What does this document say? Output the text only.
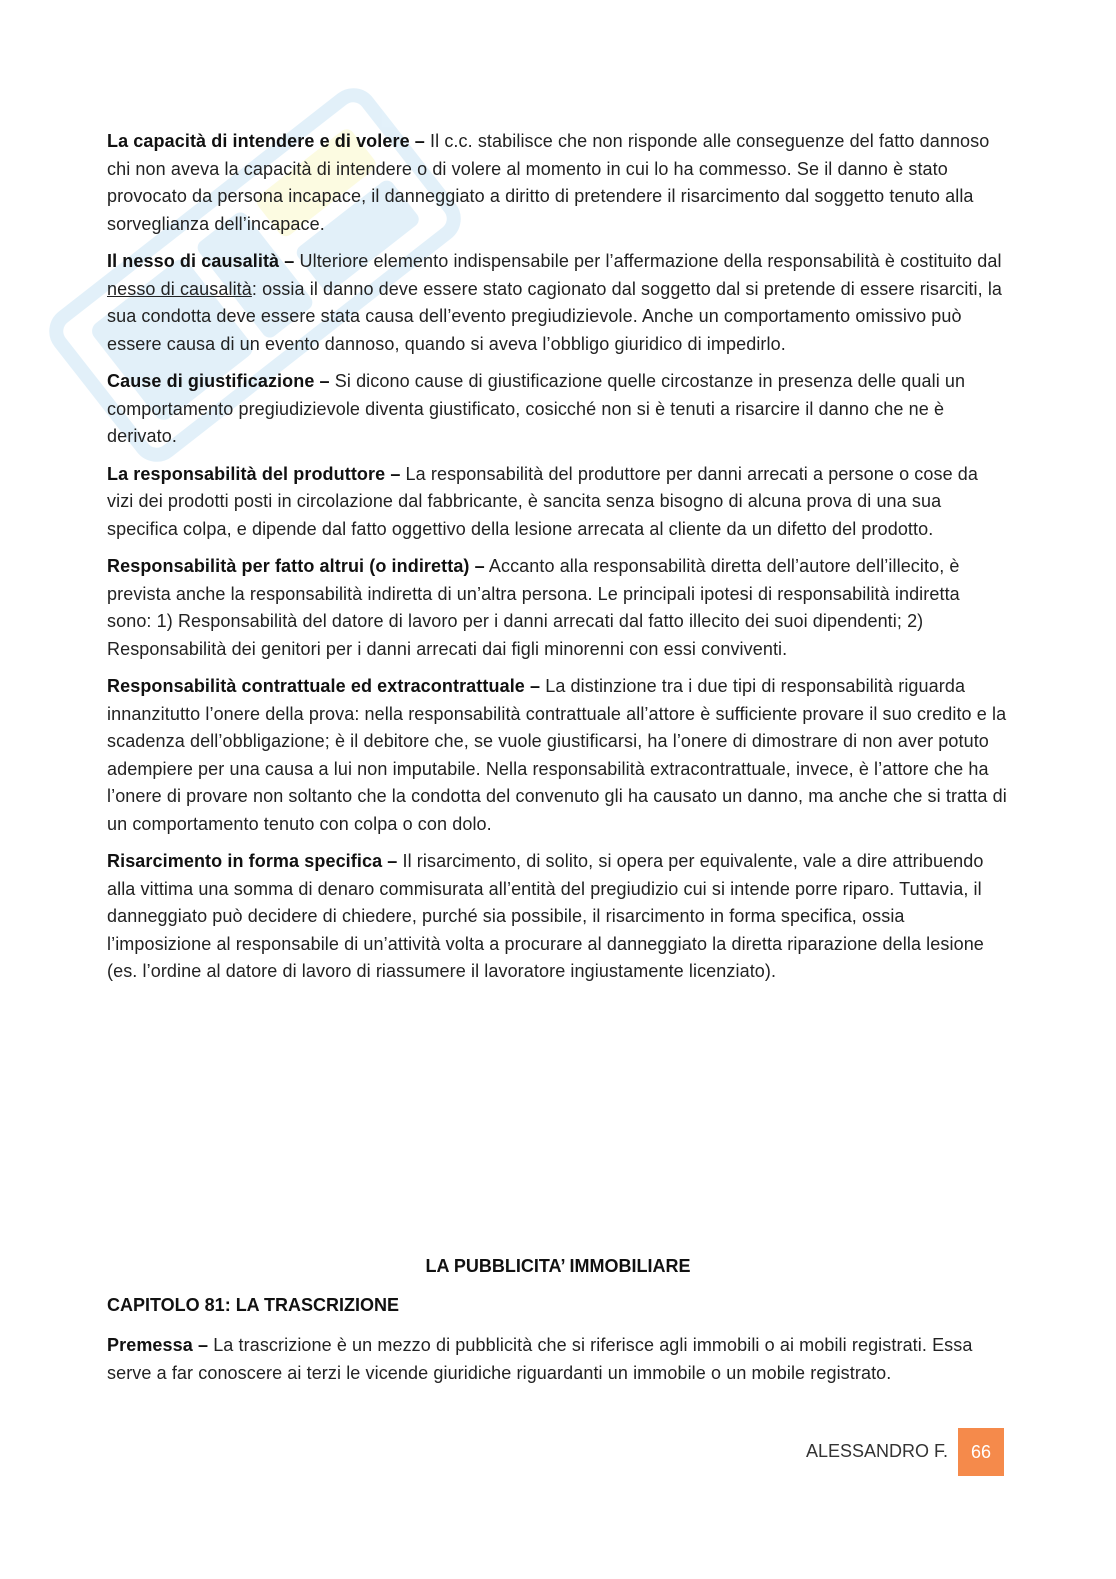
La capacità di intendere e di volere – Il c.c. stabilisce che non risponde alle conseguenze del fatto dannoso chi non aveva la capacità di intendere o di volere al momento in cui lo ha commesso. Se il danno è stato provocato da persona incapace, il danneggiato a diritto di pretendere il risarcimento dal soggetto tenuto alla sorveglianza dell’incapace.

Il nesso di causalità – Ulteriore elemento indispensabile per l’affermazione della responsabilità è costituito dal nesso di causalità: ossia il danno deve essere stato cagionato dal soggetto dal si pretende di essere risarciti, la sua condotta deve essere stata causa dell’evento pregiudizievole. Anche un comportamento omissivo può essere causa di un evento dannoso, quando si aveva l’obbligo giuridico di impedirlo.

Cause di giustificazione – Si dicono cause di giustificazione quelle circostanze in presenza delle quali un comportamento pregiudizievole diventa giustificato, cosicché non si è tenuti a risarcire il danno che ne è derivato.

La responsabilità del produttore – La responsabilità del produttore per danni arrecati a persone o cose da vizi dei prodotti posti in circolazione dal fabbricante, è sancita senza bisogno di alcuna prova di una sua specifica colpa, e dipende dal fatto oggettivo della lesione arrecata al cliente da un difetto del prodotto.

Responsabilità per fatto altrui (o indiretta) – Accanto alla responsabilità diretta dell’autore dell’illecito, è prevista anche la responsabilità indiretta di un’altra persona. Le principali ipotesi di responsabilità indiretta sono: 1) Responsabilità del datore di lavoro per i danni arrecati dal fatto illecito dei suoi dipendenti; 2) Responsabilità dei genitori per i danni arrecati dai figli minorenni con essi conviventi.

Responsabilità contrattuale ed extracontrattuale – La distinzione tra i due tipi di responsabilità riguarda innanzitutto l’onere della prova: nella responsabilità contrattuale all’attore è sufficiente provare il suo credito e la scadenza dell’obbligazione; è il debitore che, se vuole giustificarsi, ha l’onere di dimostrare di non aver potuto adempiere per una causa a lui non imputabile. Nella responsabilità extracontrattuale, invece, è l’attore che ha l’onere di provare non soltanto che la condotta del convenuto gli ha causato un danno, ma anche che si tratta di un comportamento tenuto con colpa o con dolo.

Risarcimento in forma specifica – Il risarcimento, di solito, si opera per equivalente, vale a dire attribuendo alla vittima una somma di denaro commisurata all’entità del pregiudizio cui si intende porre riparo. Tuttavia, il danneggiato può decidere di chiedere, purché sia possibile, il risarcimento in forma specifica, ossia l’imposizione al responsabile di un’attività volta a procurare al danneggiato la diretta riparazione della lesione (es. l’ordine al datore di lavoro di riassumere il lavoratore ingiustamente licenziato).

LA PUBBLICITA’ IMMOBILIARE
CAPITOLO 81: LA TRASCRIZIONE

Premessa – La trascrizione è un mezzo di pubblicità che si riferisce agli immobili o ai mobili registrati. Essa serve a far conoscere ai terzi le vicende giuridiche riguardanti un immobile o un mobile registrato.

ALESSANDRO F.	66
